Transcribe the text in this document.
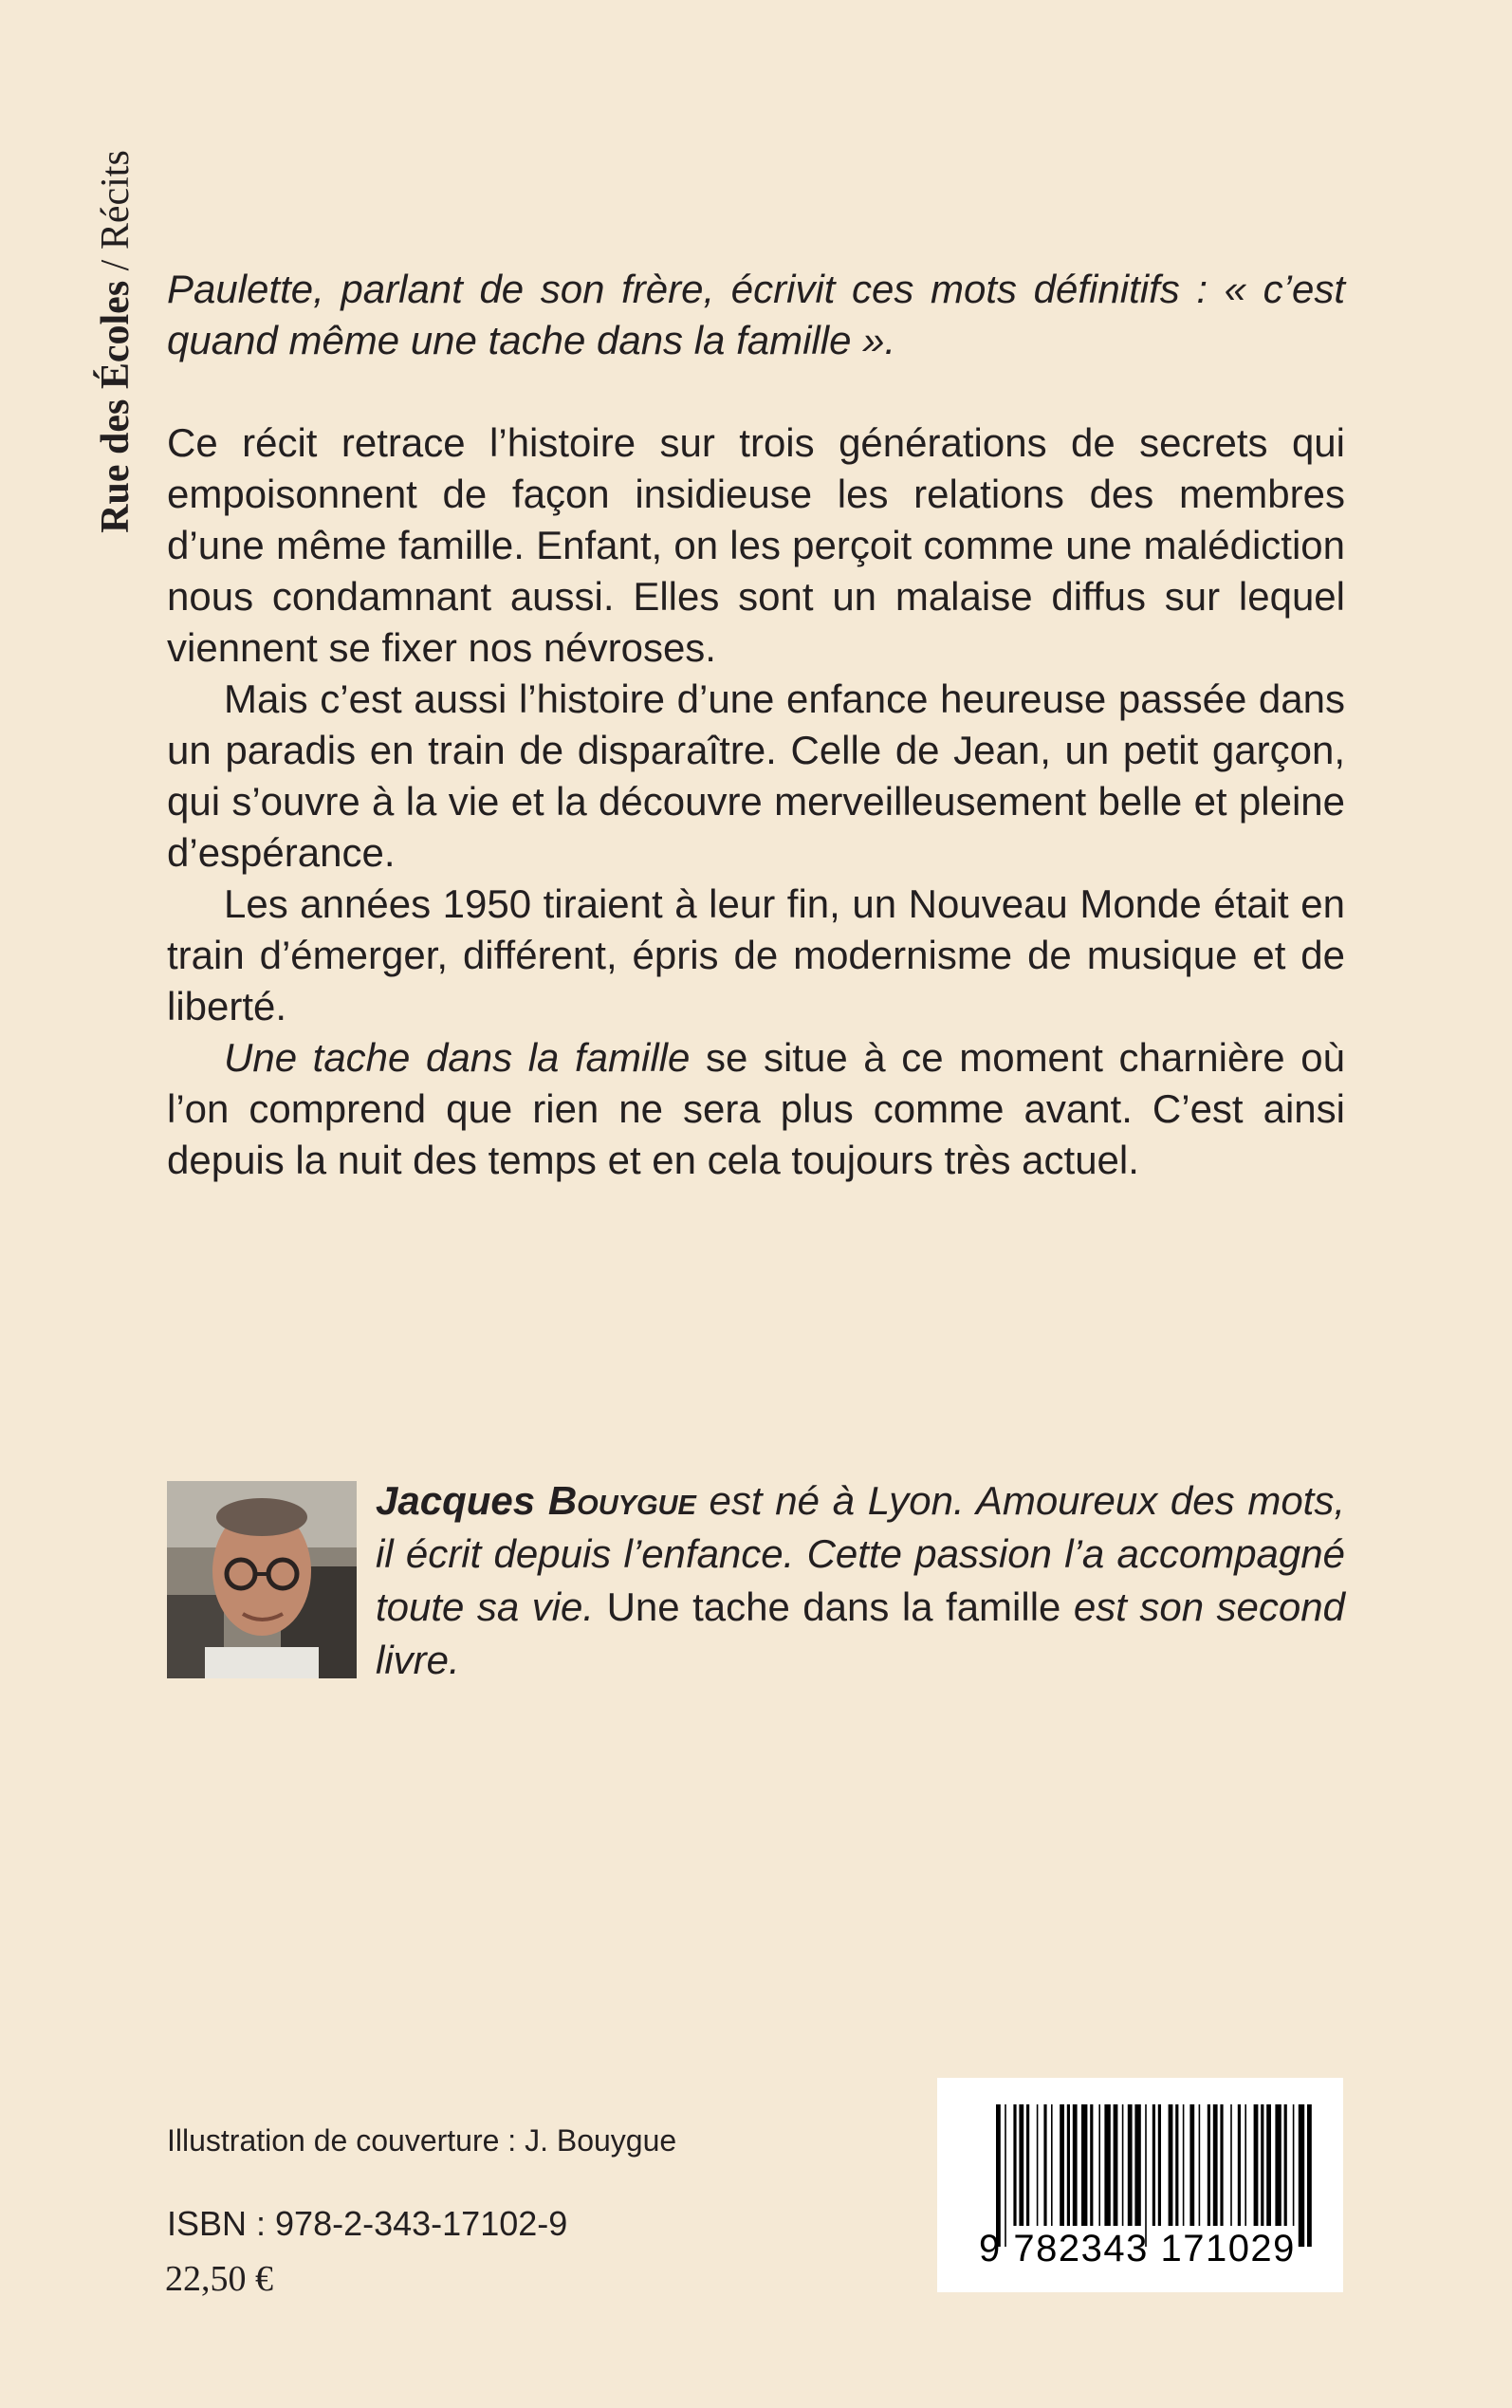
Rue des Écoles / Récits

Paulette, parlant de son frère, écrivit ces mots définitifs : « c’est quand même une tache dans la famille ».

Ce récit retrace l’histoire sur trois générations de secrets qui empoisonnent de façon insidieuse les relations des membres d’une même famille. Enfant, on les perçoit comme une malédiction nous condamnant aussi. Elles sont un malaise diffus sur lequel viennent se fixer nos névroses.

Mais c’est aussi l’histoire d’une enfance heureuse passée dans un paradis en train de disparaître. Celle de Jean, un petit garçon, qui s’ouvre à la vie et la découvre merveilleusement belle et pleine d’espérance.

Les années 1950 tiraient à leur fin, un Nouveau Monde était en train d’émerger, différent, épris de modernisme de musique et de liberté.

Une tache dans la famille se situe à ce moment charnière où l’on comprend que rien ne sera plus comme avant. C’est ainsi depuis la nuit des temps et en cela toujours très actuel.

Jacques Bouygue est né à Lyon. Amoureux des mots, il écrit depuis l’enfance. Cette passion l’a accompagné toute sa vie. Une tache dans la famille est son second livre.
Illustration de couverture : J. Bouygue
ISBN : 978-2-343-17102-9
22,50 €
9 782343 171029
